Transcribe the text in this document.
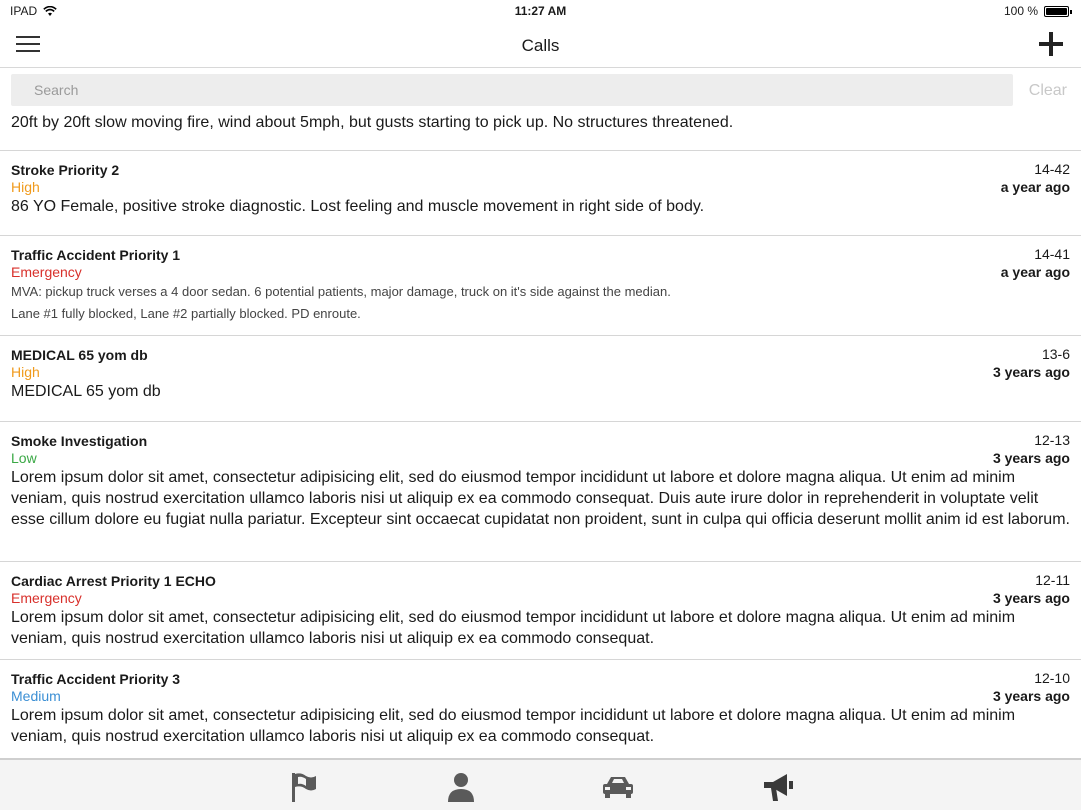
IPAD	11:27 AM	100 %
Calls
Search
Clear
20ft by 20ft slow moving fire, wind about 5mph, but gusts starting to pick up. No structures threatened.
Stroke Priority 2
High
86 YO Female, positive stroke diagnostic. Lost feeling and muscle movement in right side of body.
14-42
a year ago
Traffic Accident Priority 1
Emergency
MVA: pickup truck verses a 4 door sedan. 6 potential patients, major damage, truck on it's side against the median.
Lane #1 fully blocked, Lane #2 partially blocked. PD enroute.
14-41
a year ago
MEDICAL 65 yom db
High
MEDICAL 65 yom db
13-6
3 years ago
Smoke Investigation
Low
Lorem ipsum dolor sit amet, consectetur adipisicing elit, sed do eiusmod tempor incididunt ut labore et dolore magna aliqua. Ut enim ad minim veniam, quis nostrud exercitation ullamco laboris nisi ut aliquip ex ea commodo consequat. Duis aute irure dolor in reprehenderit in voluptate velit esse cillum dolore eu fugiat nulla pariatur. Excepteur sint occaecat cupidatat non proident, sunt in culpa qui officia deserunt mollit anim id est laborum.
12-13
3 years ago
Cardiac Arrest Priority 1 ECHO
Emergency
Lorem ipsum dolor sit amet, consectetur adipisicing elit, sed do eiusmod tempor incididunt ut labore et dolore magna aliqua. Ut enim ad minim veniam, quis nostrud exercitation ullamco laboris nisi ut aliquip ex ea commodo consequat.
12-11
3 years ago
Traffic Accident Priority 3
Medium
Lorem ipsum dolor sit amet, consectetur adipisicing elit, sed do eiusmod tempor incididunt ut labore et dolore magna aliqua. Ut enim ad minim veniam, quis nostrud exercitation ullamco laboris nisi ut aliquip ex ea commodo consequat.
12-10
3 years ago
